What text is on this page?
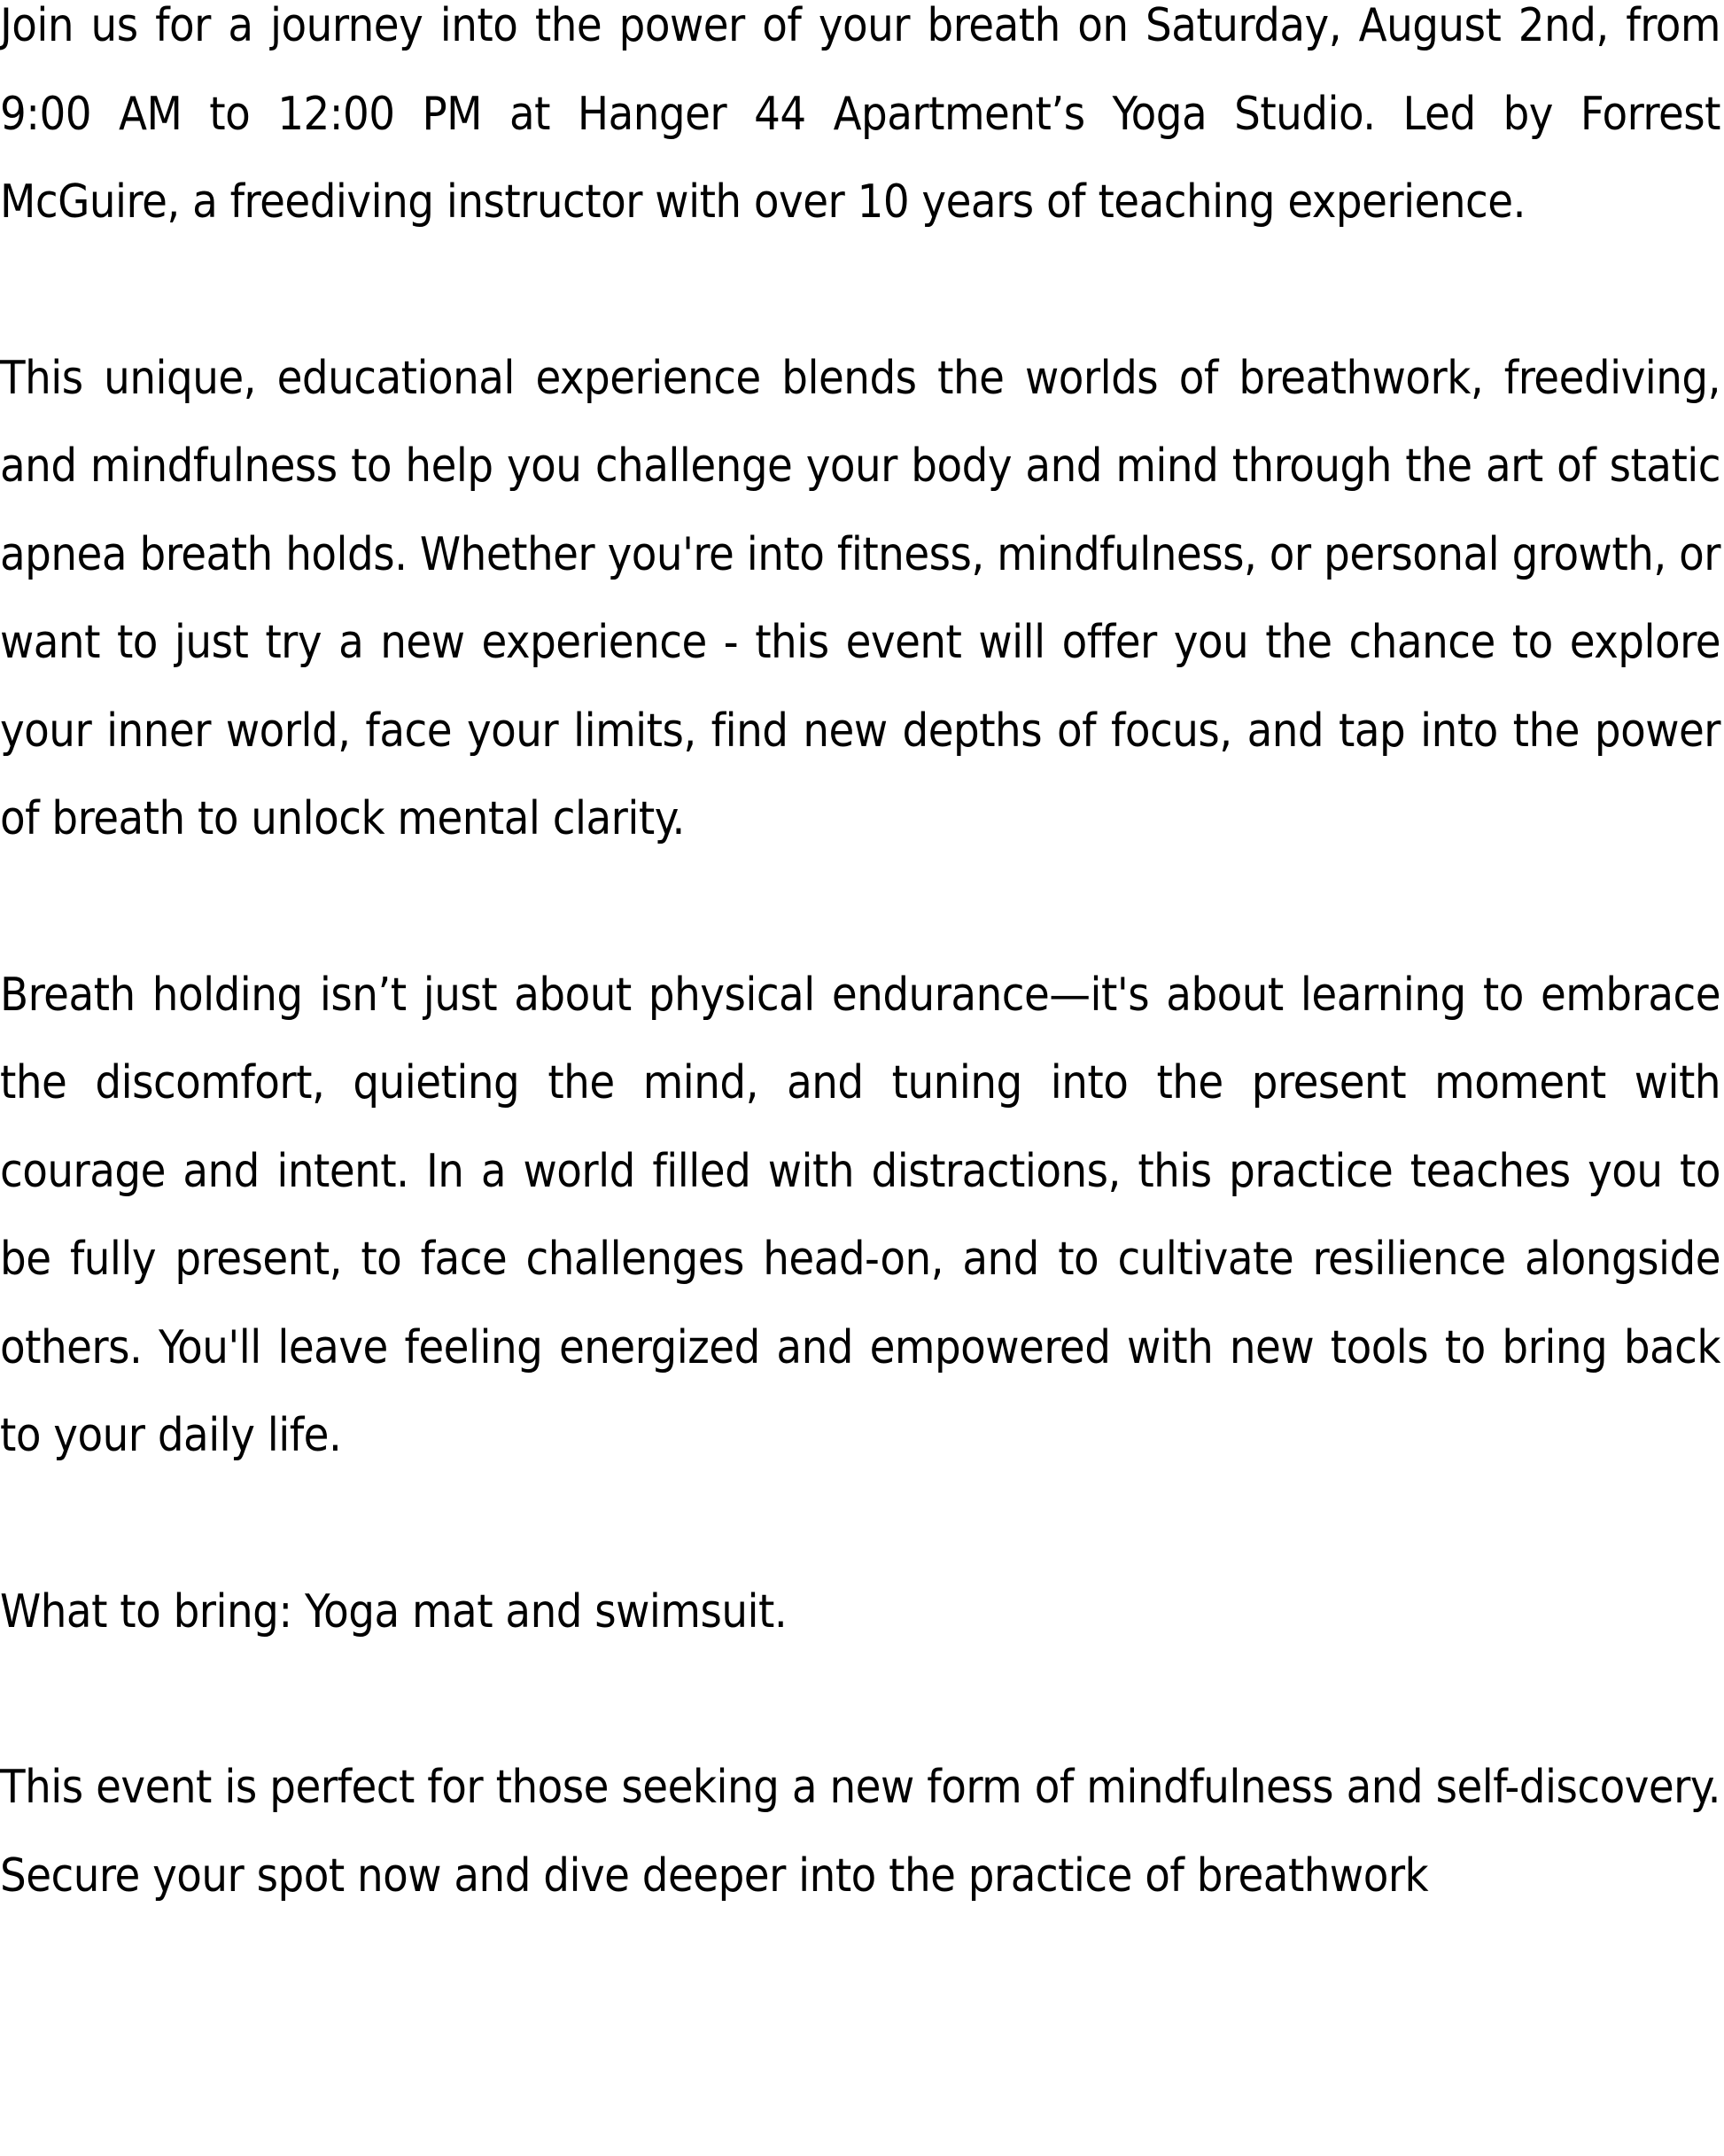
Join us for a journey into the power of your breath on Saturday, August 2nd, from 9:00 AM to 12:00 PM at Hanger 44 Apartment’s Yoga Studio. Led by Forrest McGuire, a freediving instructor with over 10 years of teaching experience.

This unique, educational experience blends the worlds of breathwork, freediving, and mindfulness to help you challenge your body and mind through the art of static apnea breath holds. Whether you're into fitness, mindfulness, or personal growth, or want to just try a new experience - this event will offer you the chance to explore your inner world, face your limits, find new depths of focus, and tap into the power of breath to unlock mental clarity.

Breath holding isn’t just about physical endurance—it's about learning to embrace the discomfort, quieting the mind, and tuning into the present moment with courage and intent. In a world filled with distractions, this practice teaches you to be fully present, to face challenges head-on, and to cultivate resilience alongside others. You'll leave feeling energized and empowered with new tools to bring back to your daily life.

What to bring: Yoga mat and swimsuit.

This event is perfect for those seeking a new form of mindfulness and self-discovery. Secure your spot now and dive deeper into the practice of breathwork
